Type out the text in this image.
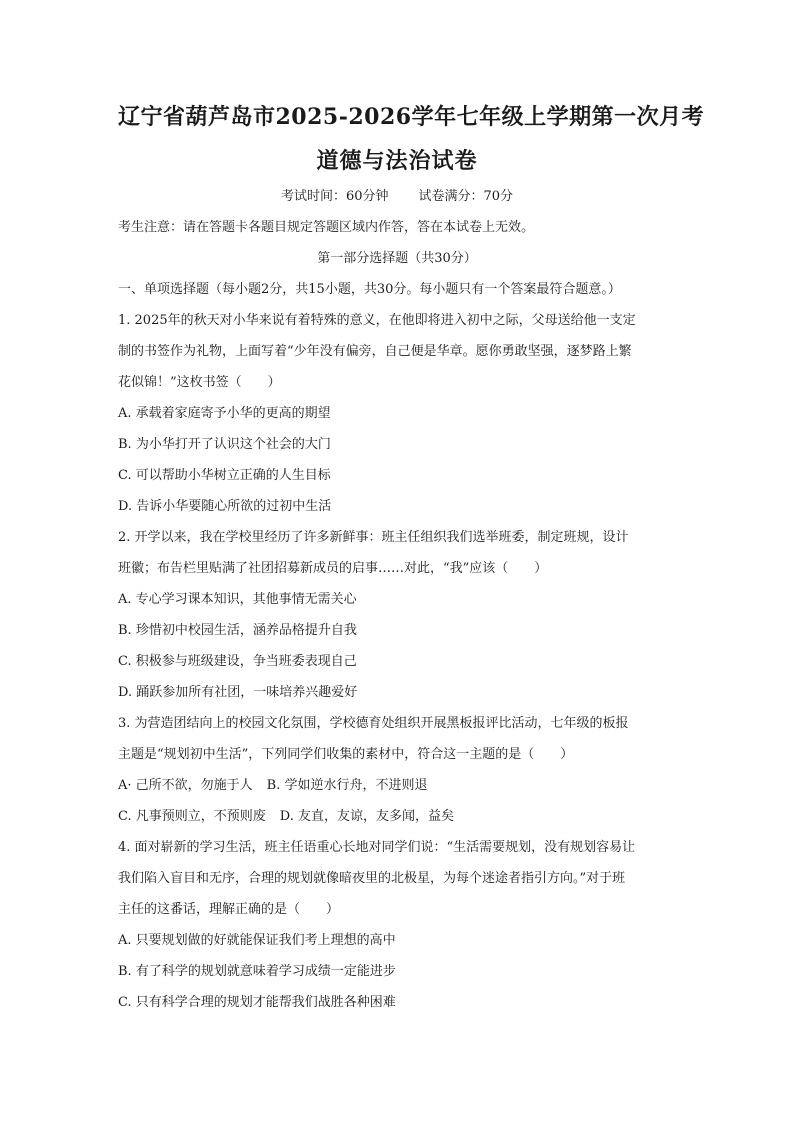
辽宁省葫芦岛市2025-2026学年七年级上学期第一次月考
道德与法治试卷

考试时间：60分钟 试卷满分：70分

考生注意：请在答题卡各题目规定答题区域内作答，答在本试卷上无效。

第一部分选择题（共30分）

一、单项选择题（每小题2分，共15小题，共30分。每小题只有一个答案最符合题意。）

1. 2025年的秋天对小华来说有着特殊的意义，在他即将进入初中之际，父母送给他一支定

制的书签作为礼物，上面写着“少年没有偏旁，自己便是华章。愿你勇敢坚强，逐梦路上繁

花似锦！”这枚书签（　　）

A. 承载着家庭寄予小华的更高的期望

B. 为小华打开了认识这个社会的大门

C. 可以帮助小华树立正确的人生目标

D. 告诉小华要随心所欲的过初中生活

2. 开学以来，我在学校里经历了许多新鲜事：班主任组织我们选举班委，制定班规，设计

班徽；布告栏里贴满了社团招募新成员的启事……对此，“我”应该（　　）

A. 专心学习课本知识，其他事情无需关心

B. 珍惜初中校园生活，涵养品格提升自我

C. 积极参与班级建设，争当班委表现自己

D. 踊跃参加所有社团，一味培养兴趣爱好

3. 为营造团结向上的校园文化氛围，学校德育处组织开展黑板报评比活动，七年级的板报

主题是“规划初中生活”，下列同学们收集的素材中，符合这一主题的是（　　）

A· 己所不欲，勿施于人 B. 学如逆水行舟，不进则退

C. 凡事预则立，不预则废 D. 友直，友谅，友多闻，益矣

4. 面对崭新的学习生活，班主任语重心长地对同学们说：“生活需要规划，没有规划容易让

我们陷入盲目和无序，合理的规划就像暗夜里的北极星，为每个迷途者指引方向。”对于班

主任的这番话，理解正确的是（　　）

A. 只要规划做的好就能保证我们考上理想的高中

B. 有了科学的规划就意味着学习成绩一定能进步

C. 只有科学合理的规划才能帮我们战胜各种困难
